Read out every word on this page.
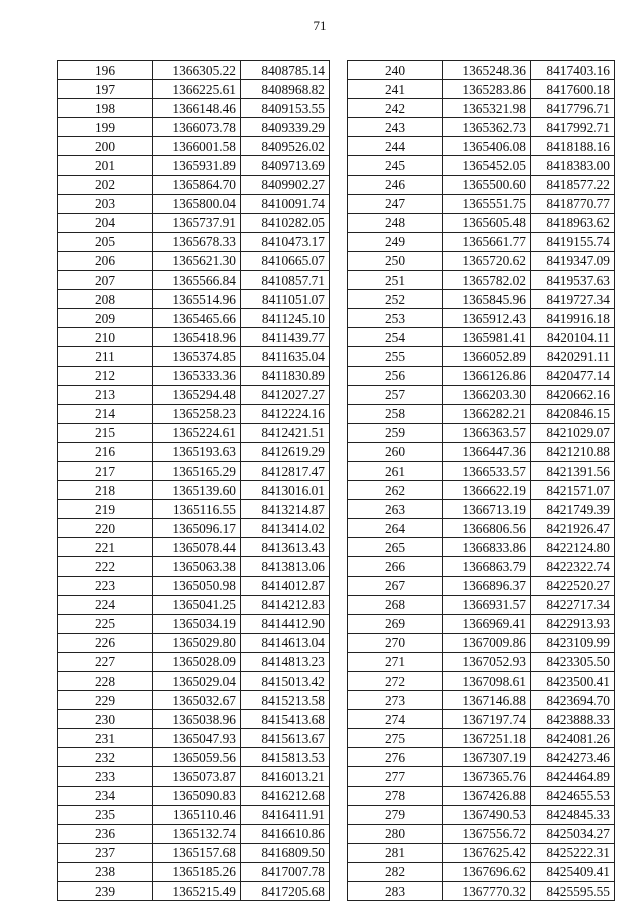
71
196	1366305.22	8408785.14
197	1366225.61	8408968.82
198	1366148.46	8409153.55
199	1366073.78	8409339.29
200	1366001.58	8409526.02
201	1365931.89	8409713.69
202	1365864.70	8409902.27
203	1365800.04	8410091.74
204	1365737.91	8410282.05
205	1365678.33	8410473.17
206	1365621.30	8410665.07
207	1365566.84	8410857.71
208	1365514.96	8411051.07
209	1365465.66	8411245.10
210	1365418.96	8411439.77
211	1365374.85	8411635.04
212	1365333.36	8411830.89
213	1365294.48	8412027.27
214	1365258.23	8412224.16
215	1365224.61	8412421.51
216	1365193.63	8412619.29
217	1365165.29	8412817.47
218	1365139.60	8413016.01
219	1365116.55	8413214.87
220	1365096.17	8413414.02
221	1365078.44	8413613.43
222	1365063.38	8413813.06
223	1365050.98	8414012.87
224	1365041.25	8414212.83
225	1365034.19	8414412.90
226	1365029.80	8414613.04
227	1365028.09	8414813.23
228	1365029.04	8415013.42
229	1365032.67	8415213.58
230	1365038.96	8415413.68
231	1365047.93	8415613.67
232	1365059.56	8415813.53
233	1365073.87	8416013.21
234	1365090.83	8416212.68
235	1365110.46	8416411.91
236	1365132.74	8416610.86
237	1365157.68	8416809.50
238	1365185.26	8417007.78
239	1365215.49	8417205.68
240	1365248.36	8417403.16
241	1365283.86	8417600.18
242	1365321.98	8417796.71
243	1365362.73	8417992.71
244	1365406.08	8418188.16
245	1365452.05	8418383.00
246	1365500.60	8418577.22
247	1365551.75	8418770.77
248	1365605.48	8418963.62
249	1365661.77	8419155.74
250	1365720.62	8419347.09
251	1365782.02	8419537.63
252	1365845.96	8419727.34
253	1365912.43	8419916.18
254	1365981.41	8420104.11
255	1366052.89	8420291.11
256	1366126.86	8420477.14
257	1366203.30	8420662.16
258	1366282.21	8420846.15
259	1366363.57	8421029.07
260	1366447.36	8421210.88
261	1366533.57	8421391.56
262	1366622.19	8421571.07
263	1366713.19	8421749.39
264	1366806.56	8421926.47
265	1366833.86	8422124.80
266	1366863.79	8422322.74
267	1366896.37	8422520.27
268	1366931.57	8422717.34
269	1366969.41	8422913.93
270	1367009.86	8423109.99
271	1367052.93	8423305.50
272	1367098.61	8423500.41
273	1367146.88	8423694.70
274	1367197.74	8423888.33
275	1367251.18	8424081.26
276	1367307.19	8424273.46
277	1367365.76	8424464.89
278	1367426.88	8424655.53
279	1367490.53	8424845.33
280	1367556.72	8425034.27
281	1367625.42	8425222.31
282	1367696.62	8425409.41
283	1367770.32	8425595.55
